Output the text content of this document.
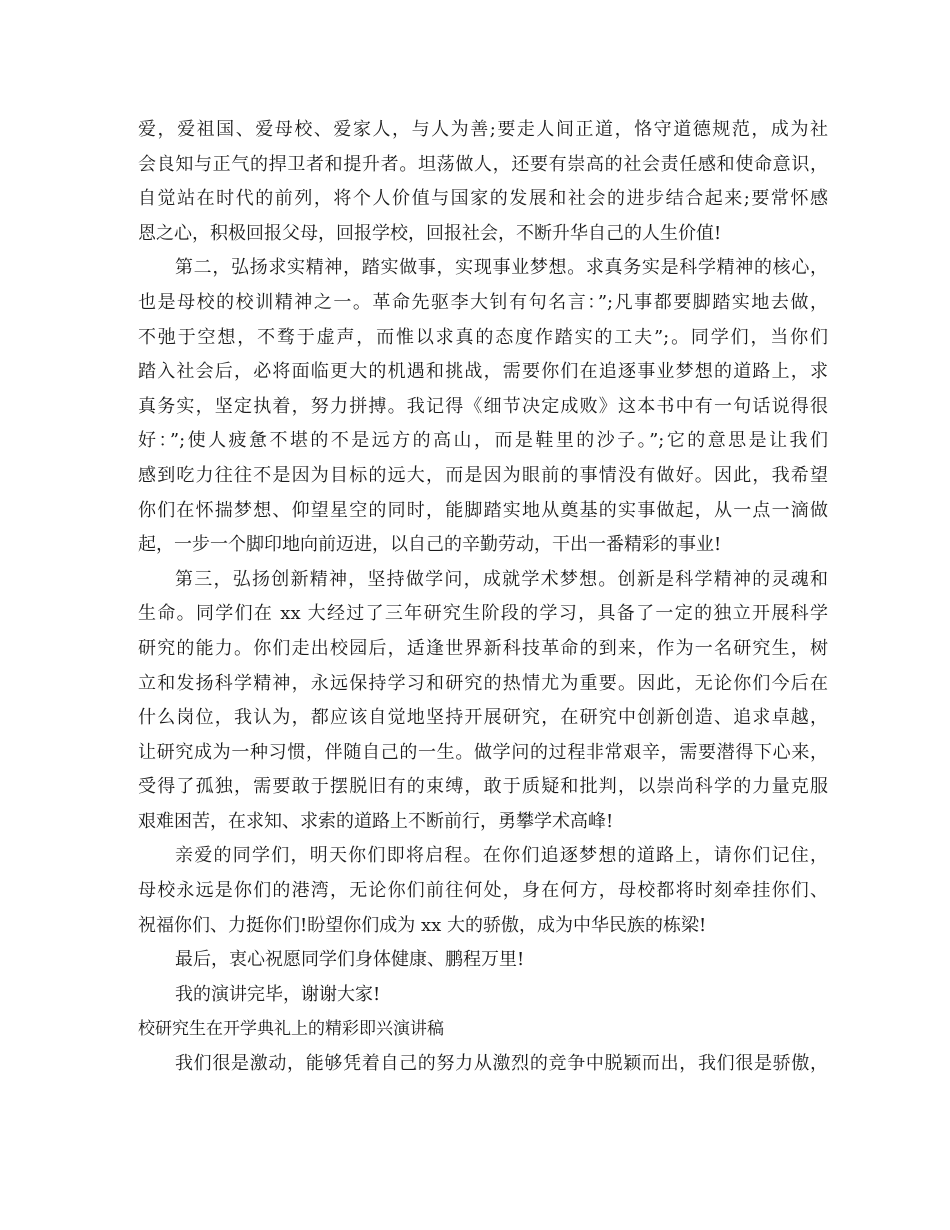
爱，爱祖国、爱母校、爱家人，与人为善;要走人间正道，恪守道德规范，成为社
会良知与正气的捍卫者和提升者。坦荡做人，还要有崇高的社会责任感和使命意识，
自觉站在时代的前列，将个人价值与国家的发展和社会的进步结合起来;要常怀感
恩之心，积极回报父母，回报学校，回报社会，不断升华自己的人生价值!
第二，弘扬求实精神，踏实做事，实现事业梦想。求真务实是科学精神的核心，
也是母校的校训精神之一。革命先驱李大钊有句名言：”;凡事都要脚踏实地去做，
不弛于空想，不骛于虚声，而惟以求真的态度作踏实的工夫”;。同学们，当你们
踏入社会后，必将面临更大的机遇和挑战，需要你们在追逐事业梦想的道路上，求
真务实，坚定执着，努力拼搏。我记得《细节决定成败》这本书中有一句话说得很
好：”;使人疲惫不堪的不是远方的高山，而是鞋里的沙子。”;它的意思是让我们
感到吃力往往不是因为目标的远大，而是因为眼前的事情没有做好。因此，我希望
你们在怀揣梦想、仰望星空的同时，能脚踏实地从奠基的实事做起，从一点一滴做
起，一步一个脚印地向前迈进，以自己的辛勤劳动，干出一番精彩的事业!
第三，弘扬创新精神，坚持做学问，成就学术梦想。创新是科学精神的灵魂和
生命。同学们在 xx 大经过了三年研究生阶段的学习，具备了一定的独立开展科学
研究的能力。你们走出校园后，适逢世界新科技革命的到来，作为一名研究生，树
立和发扬科学精神，永远保持学习和研究的热情尤为重要。因此，无论你们今后在
什么岗位，我认为，都应该自觉地坚持开展研究，在研究中创新创造、追求卓越，
让研究成为一种习惯，伴随自己的一生。做学问的过程非常艰辛，需要潜得下心来，
受得了孤独，需要敢于摆脱旧有的束缚，敢于质疑和批判，以崇尚科学的力量克服
艰难困苦，在求知、求索的道路上不断前行，勇攀学术高峰!
亲爱的同学们，明天你们即将启程。在你们追逐梦想的道路上，请你们记住，
母校永远是你们的港湾，无论你们前往何处，身在何方，母校都将时刻牵挂你们、
祝福你们、力挺你们!盼望你们成为 xx 大的骄傲，成为中华民族的栋梁!
最后，衷心祝愿同学们身体健康、鹏程万里!
我的演讲完毕，谢谢大家!
校研究生在开学典礼上的精彩即兴演讲稿
我们很是激动，能够凭着自己的努力从激烈的竞争中脱颖而出，我们很是骄傲，
